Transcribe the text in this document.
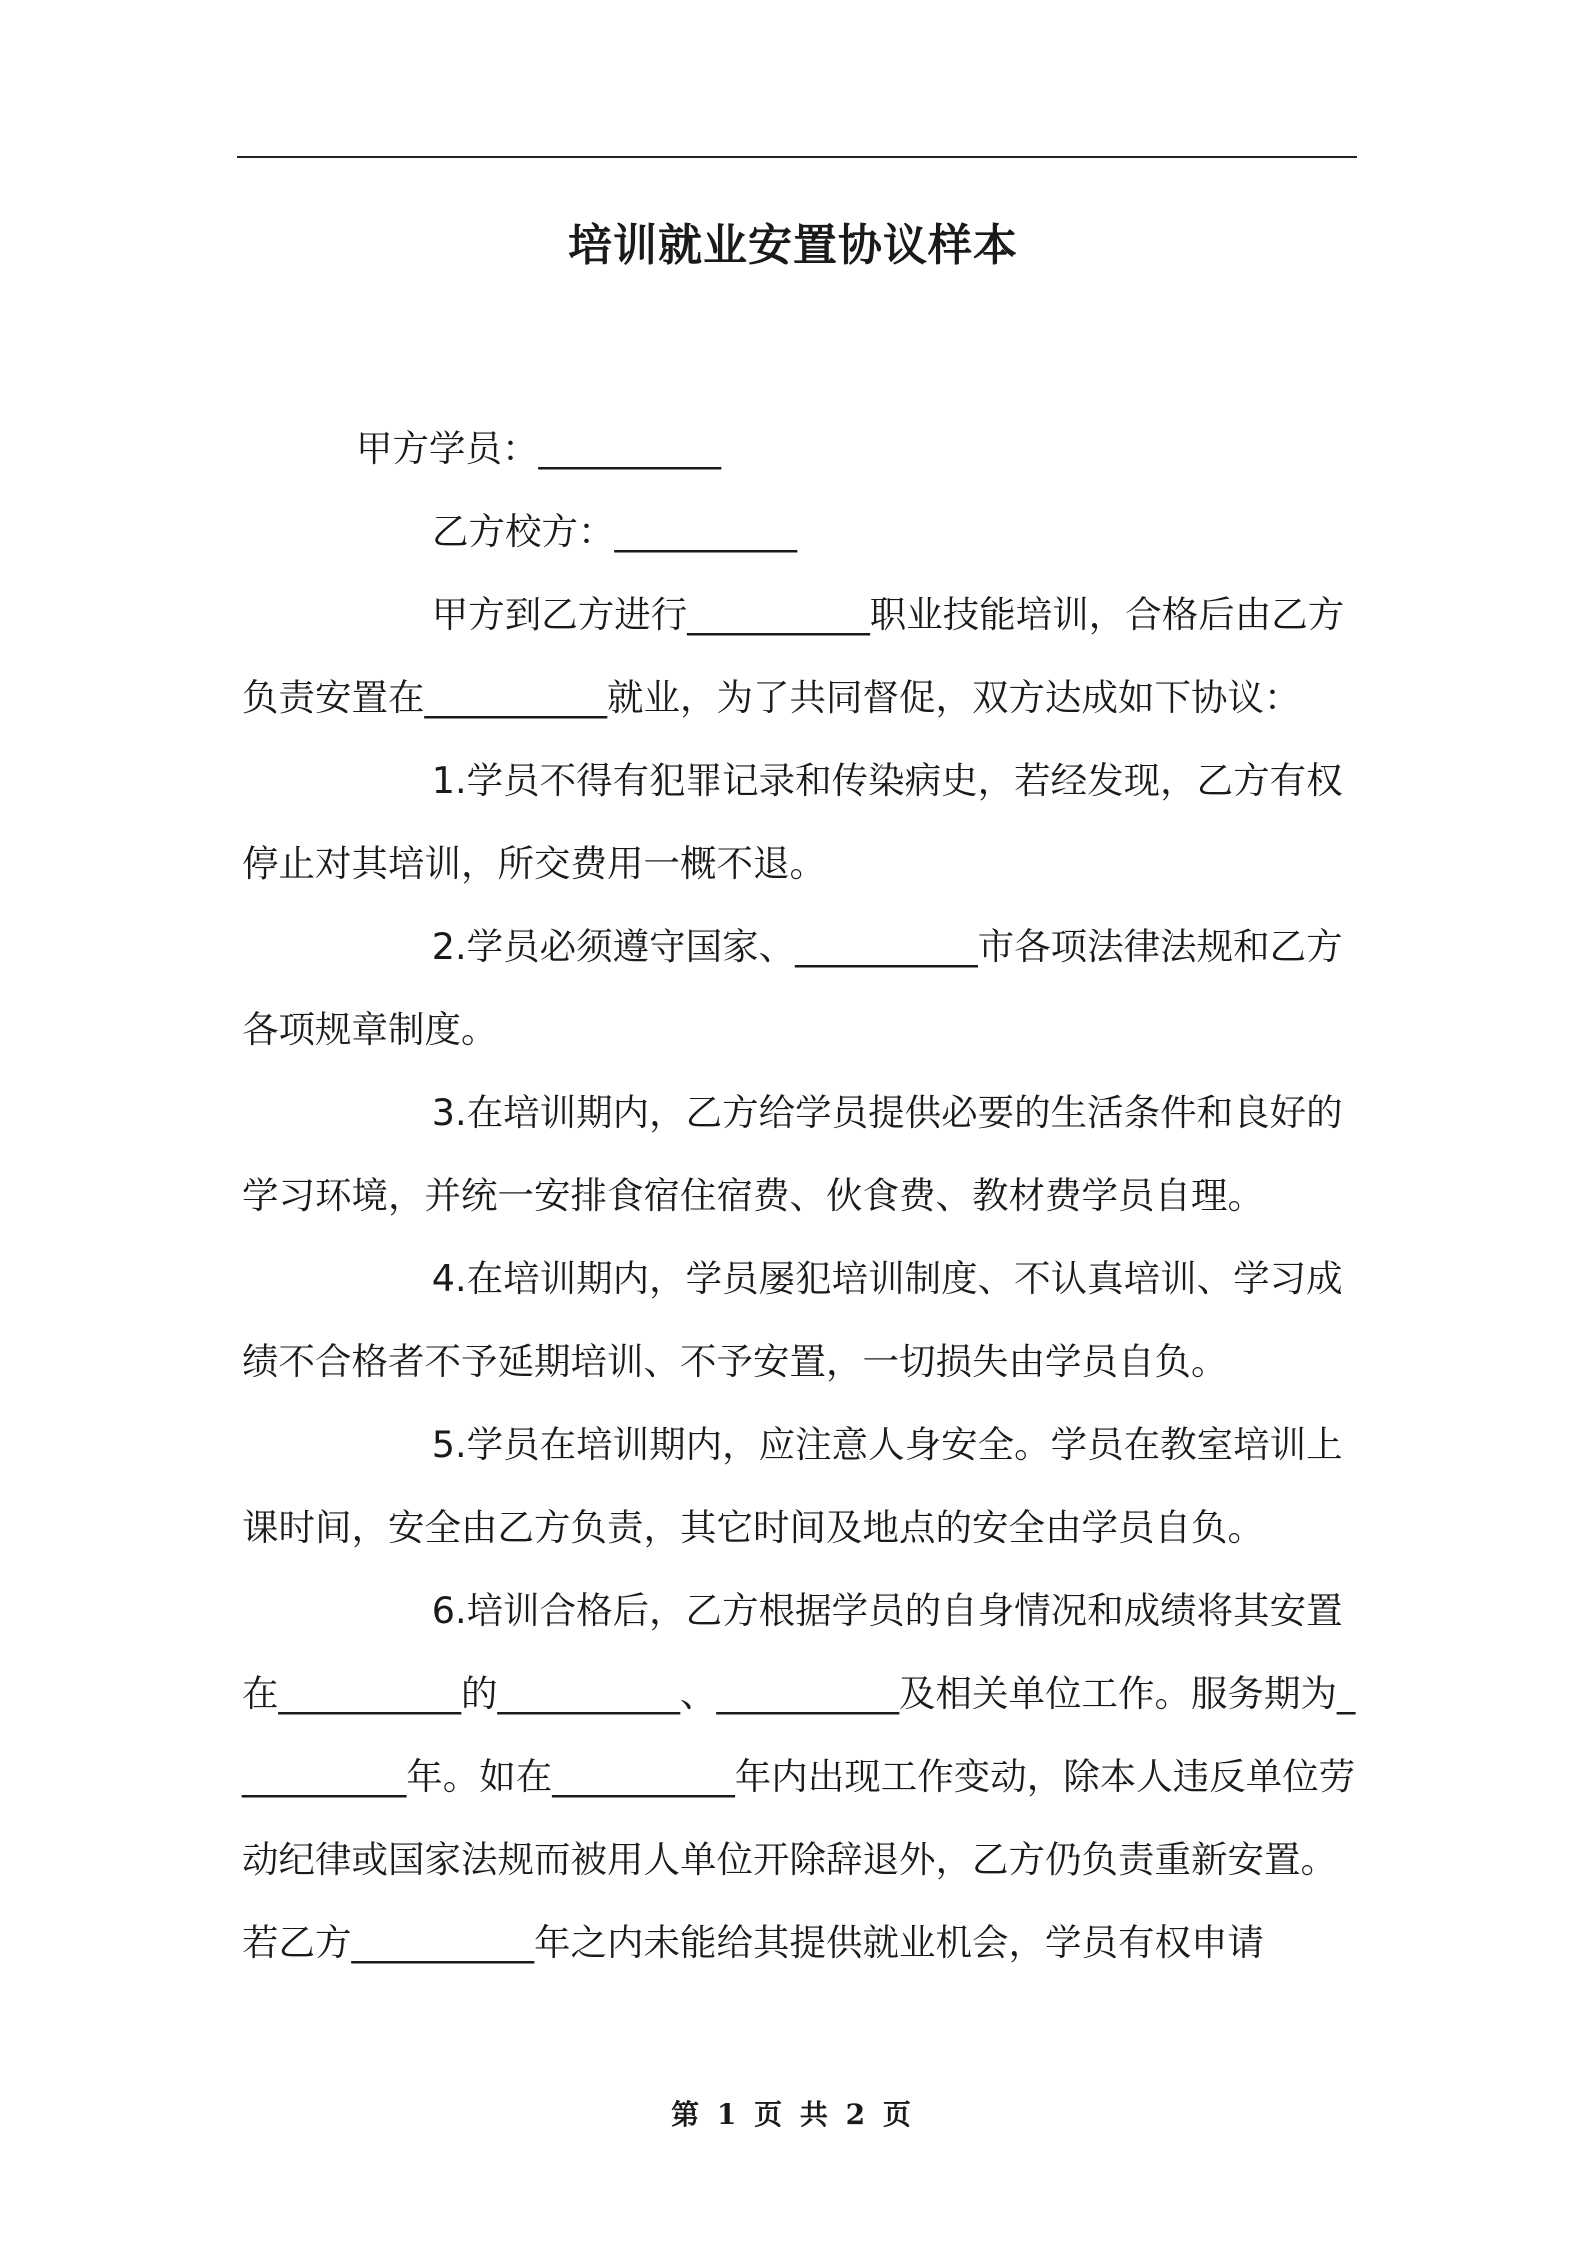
培训就业安置协议样本

甲方学员：__________

乙方校方：__________

甲方到乙方进行__________职业技能培训，合格后由乙方负责安置在__________就业，为了共同督促，双方达成如下协议：

1.学员不得有犯罪记录和传染病史，若经发现，乙方有权停止对其培训，所交费用一概不退。

2.学员必须遵守国家、__________市各项法律法规和乙方各项规章制度。

3.在培训期内，乙方给学员提供必要的生活条件和良好的学习环境，并统一安排食宿住宿费、伙食费、教材费学员自理。

4.在培训期内，学员屡犯培训制度、不认真培训、学习成绩不合格者不予延期培训、不予安置，一切损失由学员自负。

5.学员在培训期内，应注意人身安全。学员在教室培训上课时间，安全由乙方负责，其它时间及地点的安全由学员自负。

6.培训合格后，乙方根据学员的自身情况和成绩将其安置在__________的__________、__________及相关单位工作。服务期为__________年。如在__________年内出现工作变动，除本人违反单位劳动纪律或国家法规而被用人单位开除辞退外，乙方仍负责重新安置。若乙方__________年之内未能给其提供就业机会，学员有权申请

第 1 页 共 2 页
